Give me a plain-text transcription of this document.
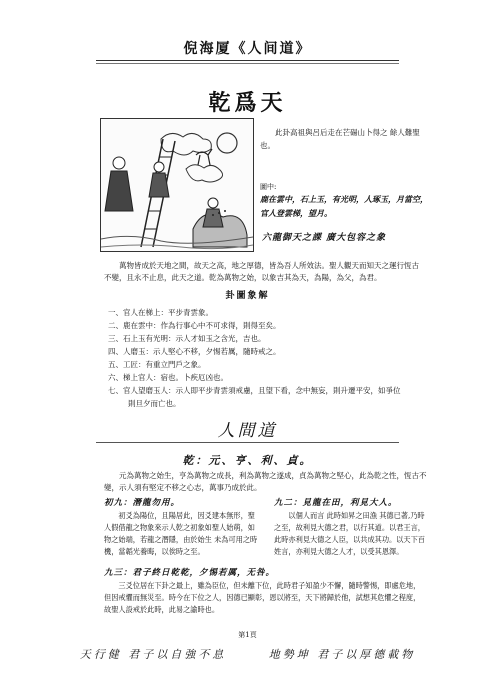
倪海厦《人间道》
乾爲天
此卦高祖與呂后走在芒碭山卜得之 餘人難聖也。
圖中:
鹿在雲中，石上玉，有光明，人琢玉，月當空，官人登雲梯，望月。
六龍御天之課 廣大包容之象
萬物皆成於天地之間，故天之高，地之厚德，皆為吾人所效法。聖人觀天而知天之運行恆古不變，且永不止息，此天之道。乾為萬物之始，以象吉其為天，為陽，為父，為君。
卦圖象解
一、官人在梯上：平步青雲象。
二、鹿在雲中：作為行事心中不可求得，則得至矣。
三、石上玉有光明：示人才如玉之含光，吉也。
四、人磨玉：示人堅心不移，夕惕若厲，隨時戒之。
五、工匠：有重立門戶之象。
六、梯上官人：宿也。卜疾厄凶也。
七、官人望磨玉人：示人即平步青雲須戒慮，且望下看，念中無妄，則升遷平安，如爭位
則旦夕而亡也。
人間道
乾：元、亨、利、貞。
元為萬物之始生，亨為萬物之成長，利為萬物之遂成，貞為萬物之堅心，此為乾之性，恆古不變，示人須有堅定不移之心志，萬事乃成於此。
初九：潛龍勿用。
初爻為陽位，且陽居此，因爻建本無形，聖人假借龍之物象來示人乾之初象如聖人始萌，如物之始端，若龍之潛隱，由於始生 未為可用之時機，當韜光養晦，以俟時之至。
九二：見龍在田，利見大人。
以個人而言 此時如昇之田漁 其德已著,乃時之至，故利見大德之君，以行其道。以君王言，此時亦利見大德之人臣，以共成其功。以天下百姓言，亦利見大德之人才，以受其恩澤。
九三：君子終日乾乾，夕惕若厲，无咎。
三爻位居在下卦之最上，雖為臣位，但未離下位，此時君子知盈少不懈，隨時警惕，即處危地，但因戒懼而無災至。時今在下位之人，因德已顯彰，恩以將至，天下將歸於他，試想其危懼之程度，故聖人設戒於此時，此易之諭時也。
第1頁
天行健 君子以自強不息	地勢坤 君子以厚德載物
